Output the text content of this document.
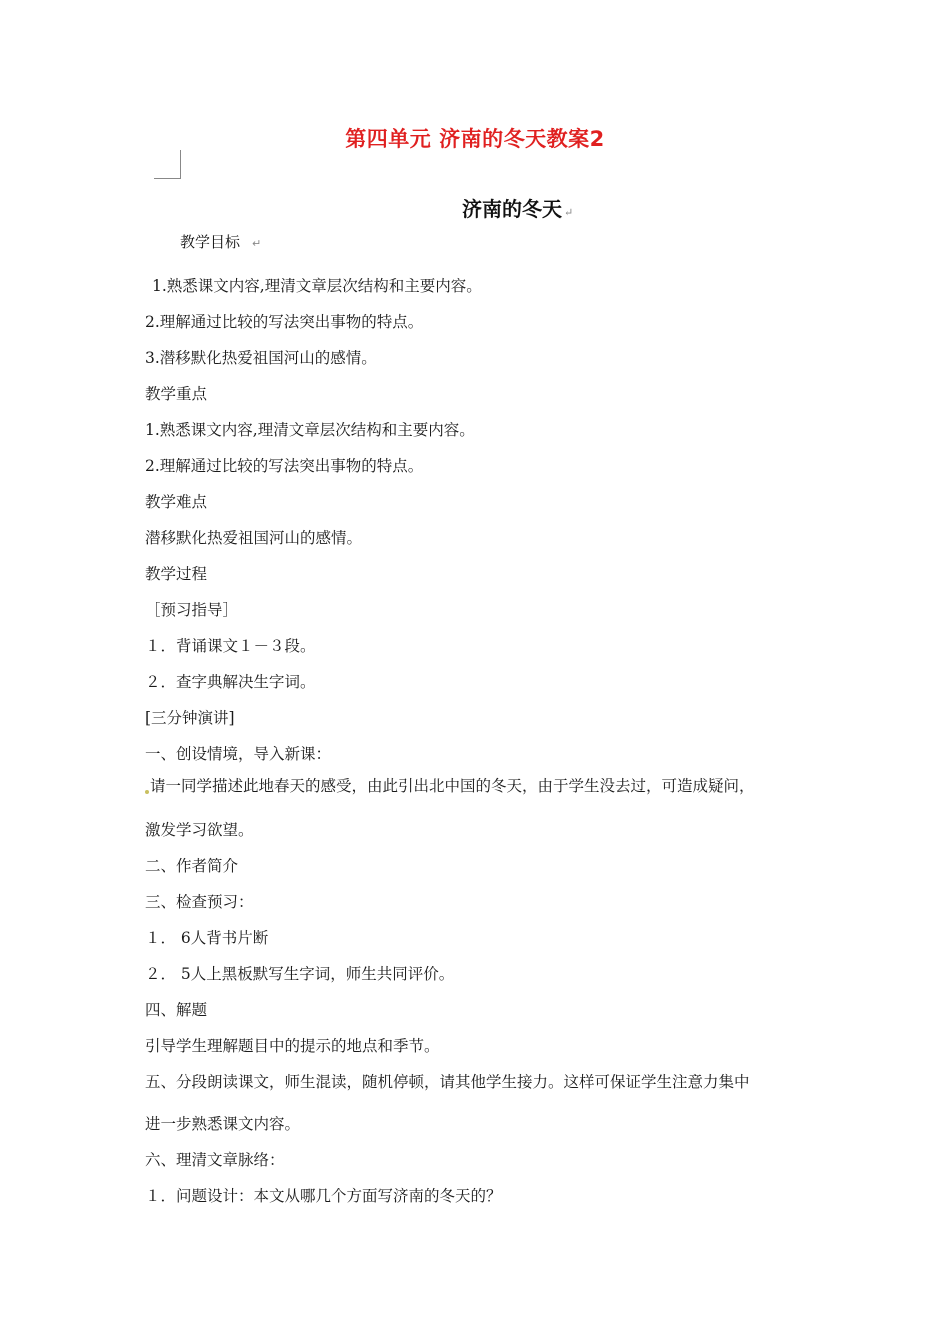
第四单元 济南的冬天教案2
济南的冬天 ↵
教学目标 ↵
1.熟悉课文内容,理清文章层次结构和主要内容。
2.理解通过比较的写法突出事物的特点。
3.潜移默化热爱祖国河山的感情。
教学重点
1.熟悉课文内容,理清文章层次结构和主要内容。
2.理解通过比较的写法突出事物的特点。
教学难点
潜移默化热爱祖国河山的感情。
教学过程
［预习指导］
１．背诵课文１－３段。
２．查字典解决生字词。
[三分钟演讲]
一、创设情境，导入新课：
请一同学描述此地春天的感受，由此引出北中国的冬天，由于学生没去过，可造成疑问，
激发学习欲望。
二、作者简介
三、检查预习：
１． 6人背书片断
２． 5人上黑板默写生字词，师生共同评价。
四、解题
引导学生理解题目中的提示的地点和季节。
五、分段朗读课文，师生混读，随机停顿，请其他学生接力。这样可保证学生注意力集中
进一步熟悉课文内容。
六、理清文章脉络：
１．问题设计：本文从哪几个方面写济南的冬天的？
